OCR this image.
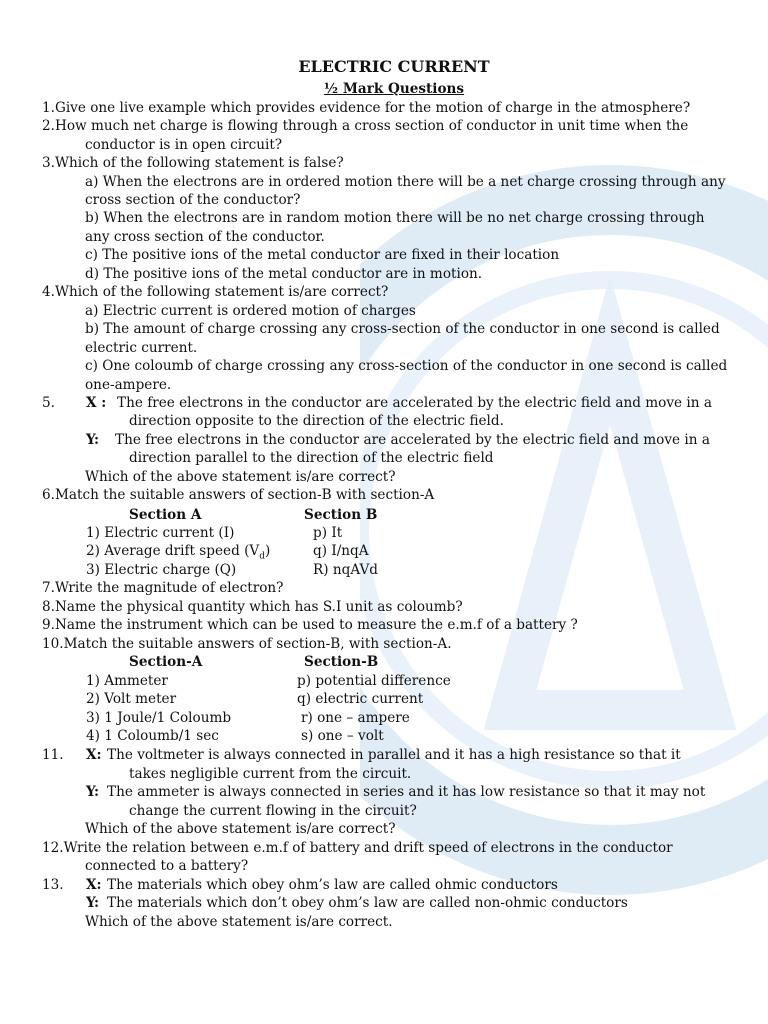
ELECTRIC CURRENT
½ Mark Questions
1.Give one live example which provides evidence for the motion of charge in the atmosphere?
2.How much net charge is flowing through a cross section of conductor in unit time when the
conductor is in open circuit?
3.Which of the following statement is false?
a) When the electrons are in ordered motion there will be a net charge crossing through any
cross section of the conductor?
b) When the electrons are in random motion there will be no net charge crossing through
any cross section of the conductor.
c) The positive ions of the metal conductor are fixed in their location
d) The positive ions of the metal conductor are in motion.
4.Which of the following statement is/are correct?
a) Electric current is ordered motion of charges
b) The amount of charge crossing any cross-section of the conductor in one second is called
electric current.
c) One coloumb of charge crossing any cross-section of the conductor in one second is called
one-ampere.
5. X : The free electrons in the conductor are accelerated by the electric field and move in a
direction opposite to the direction of the electric field.
Y: The free electrons in the conductor are accelerated by the electric field and move in a
direction parallel to the direction of the electric field
Which of the above statement is/are correct?
6.Match the suitable answers of section-B with section-A
Section A	Section B
1) Electric current (I)	p) It
2) Average drift speed $(V_d)$	q) I/nqA
3) Electric charge (Q)	R) nqAVd
7.Write the magnitude of electron?
8.Name the physical quantity which has S.I unit as coloumb?
9.Name the instrument which can be used to measure the e.m.f of a battery ?
10.Match the suitable answers of section-B, with section-A.
Section-A	Section-B
1) Ammeter	p) potential difference
2) Volt meter	q) electric current
3) 1 Joule/1 Coloumb	r) one – ampere
4) 1 Coloumb/1 sec	s) one – volt
11. X: The voltmeter is always connected in parallel and it has a high resistance so that it
takes negligible current from the circuit.
Y: The ammeter is always connected in series and it has low resistance so that it may not
change the current flowing in the circuit?
Which of the above statement is/are correct?
12.Write the relation between e.m.f of battery and drift speed of electrons in the conductor
connected to a battery?
13. X: The materials which obey ohm’s law are called ohmic conductors
Y: The materials which don’t obey ohm’s law are called non-ohmic conductors
Which of the above statement is/are correct.
